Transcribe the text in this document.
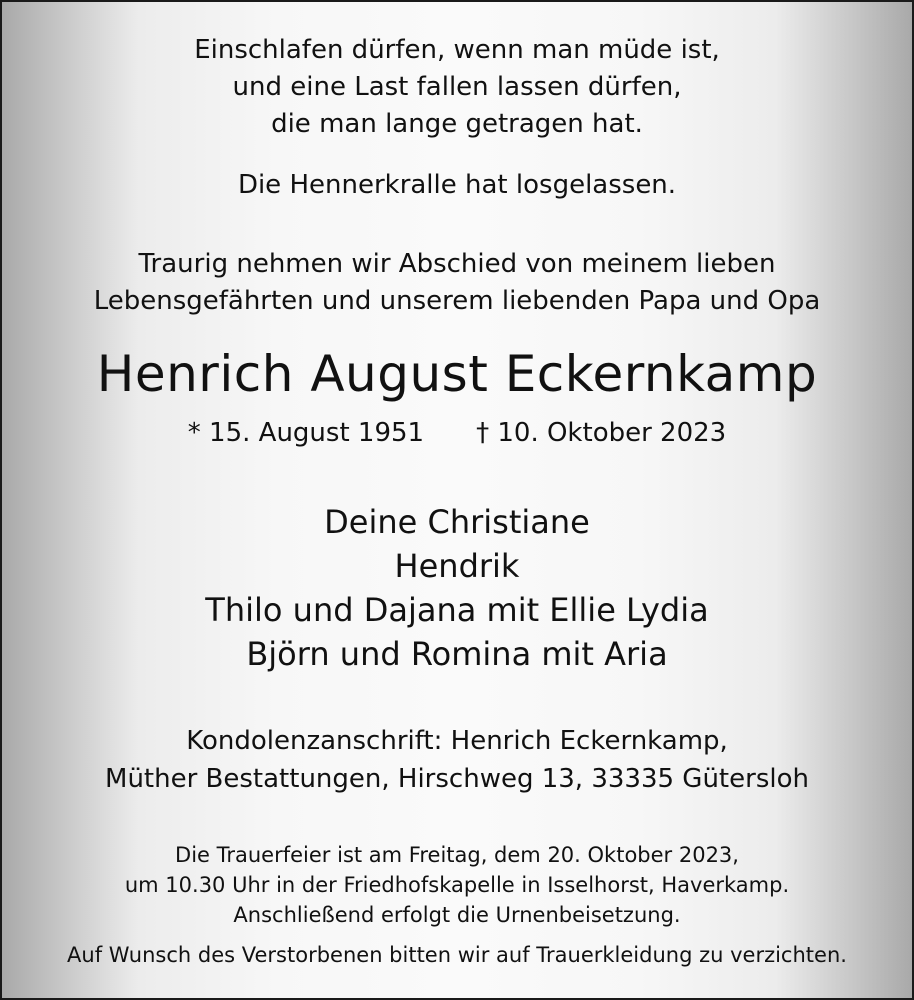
Einschlafen dürfen, wenn man müde ist,
und eine Last fallen lassen dürfen,
die man lange getragen hat.
Die Hennerkralle hat losgelassen.
Traurig nehmen wir Abschied von meinem lieben
Lebensgefährten und unserem liebenden Papa und Opa
Henrich August Eckernkamp
* 15. August 1951 † 10. Oktober 2023
Deine Christiane
Hendrik
Thilo und Dajana mit Ellie Lydia
Björn und Romina mit Aria
Kondolenzanschrift: Henrich Eckernkamp,
Müther Bestattungen, Hirschweg 13, 33335 Gütersloh
Die Trauerfeier ist am Freitag, dem 20. Oktober 2023,
um 10.30 Uhr in der Friedhofskapelle in Isselhorst, Haverkamp.
Anschließend erfolgt die Urnenbeisetzung.
Auf Wunsch des Verstorbenen bitten wir auf Trauerkleidung zu verzichten.
